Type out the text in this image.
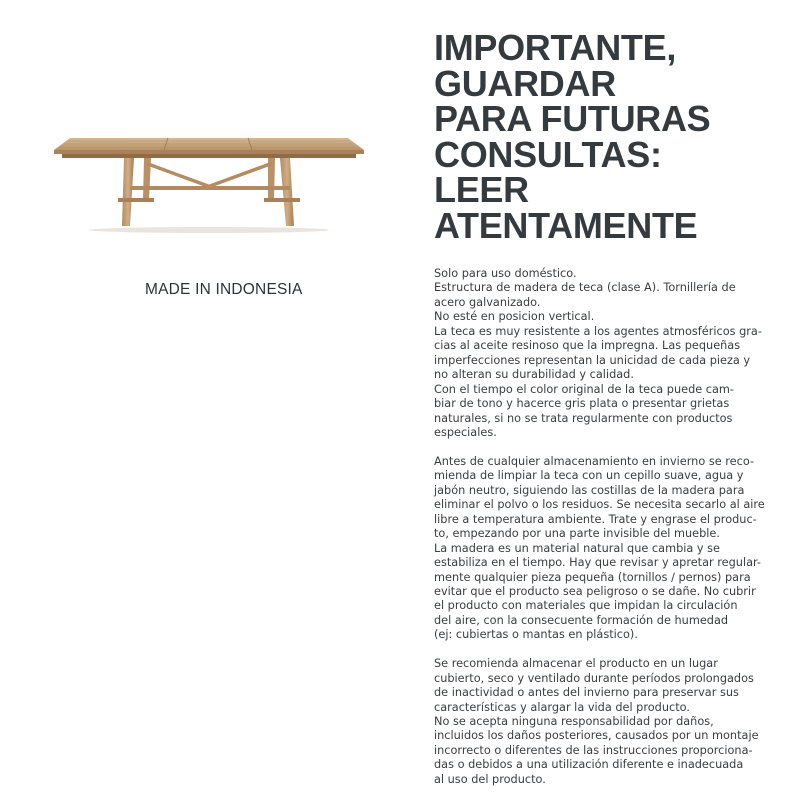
MADE IN INDONESIA
IMPORTANTE,
GUARDAR
PARA FUTURAS
CONSULTAS:
LEER
ATENTAMENTE
Solo para uso doméstico.
Estructura de madera de teca (clase A). Tornillería de
acero galvanizado.
No esté en posicion vertical.
La teca es muy resistente a los agentes atmosféricos gra-
cias al aceite resinoso que la impregna. Las pequeñas
imperfecciones representan la unicidad de cada pieza y
no alteran su durabilidad y calidad.
Con el tiempo el color original de la teca puede cam-
biar de tono y hacerce gris plata o presentar grietas
naturales, si no se trata regularmente con productos
especiales.
Antes de cualquier almacenamiento en invierno se reco-
mienda de limpiar la teca con un cepillo suave, agua y
jabón neutro, siguiendo las costillas de la madera para
eliminar el polvo o los residuos. Se necesita secarlo al aire
libre a temperatura ambiente. Trate y engrase el produc-
to, empezando por una parte invisible del mueble.
La madera es un material natural que cambia y se
estabiliza en el tiempo. Hay que revisar y apretar regular-
mente qualquier pieza pequeña (tornillos / pernos) para
evitar que el producto sea peligroso o se dañe. No cubrir
el producto con materiales que impidan la circulación
del aire, con la consecuente formación de humedad
(ej: cubiertas o mantas en plástico).
Se recomienda almacenar el producto en un lugar
cubierto, seco y ventilado durante períodos prolongados
de inactividad o antes del invierno para preservar sus
características y alargar la vida del producto.
No se acepta ninguna responsabilidad por daños,
incluidos los daños posteriores, causados por un montaje
incorrecto o diferentes de las instrucciones proporciona-
das o debidos a una utilización diferente e inadecuada
al uso del producto.
